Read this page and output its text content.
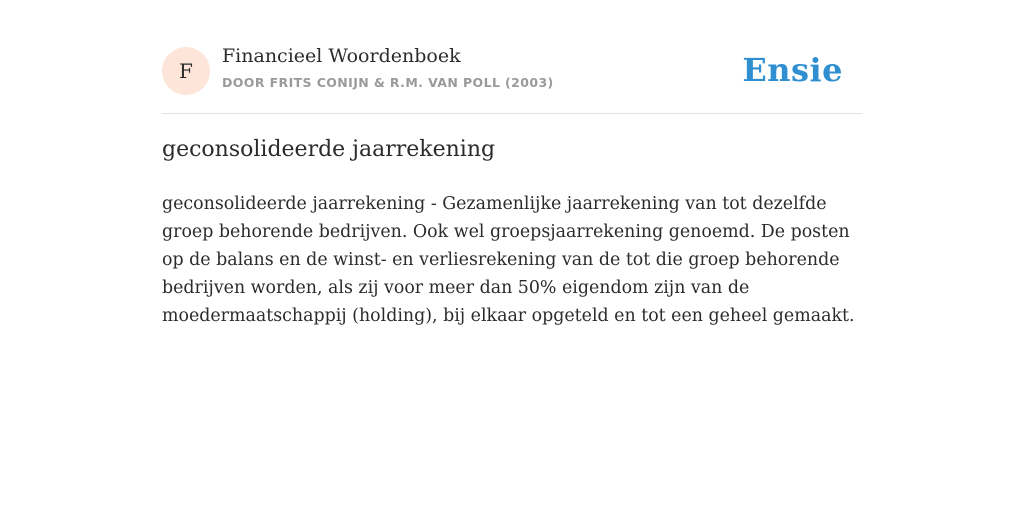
F
Financieel Woordenboek
DOOR FRITS CONIJN & R.M. VAN POLL (2003)	Ensie
geconsolideerde jaarrekening

geconsolideerde jaarrekening - Gezamenlijke jaarrekening van tot dezelfde groep behorende bedrijven. Ook wel groepsjaarrekening genoemd. De posten op de balans en de winst- en verliesrekening van de tot die groep behorende bedrijven worden, als zij voor meer dan 50% eigendom zijn van de moedermaatschappij (holding), bij elkaar opgeteld en tot een geheel gemaakt.
